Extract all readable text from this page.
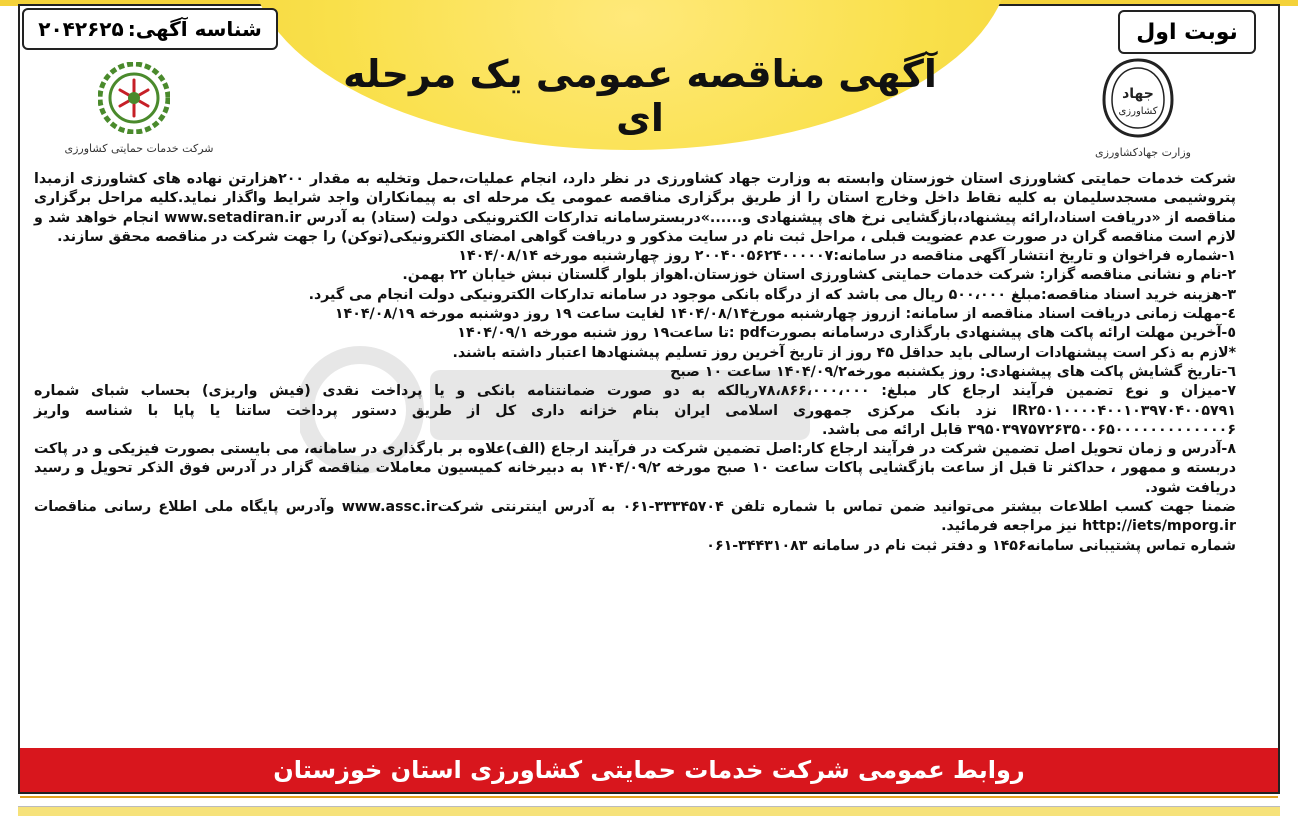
نوبت اول
شناسه آگهی:
۲۰۴۲۶۲۵
آگهی مناقصه عمومی یک مرحله ای
شرکت خدمات حمایتی کشاورزی
جهاد
کشاورزی
وزارت جهادکشاورزی

شرکت خدمات حمایتی کشاورزی استان خوزستان وابسته به وزارت جهاد کشاورزی در نظر دارد، انجام عملیات،حمل وتخلیه به مقدار ۲۰۰هزارتن نهاده های کشاورزی ازمبدا پتروشیمی مسجدسلیمان به کلیه نقاط داخل وخارج استان را از طریق برگزاری مناقصه عمومی یک مرحله ای به پیمانکاران واجد شرایط واگذار نماید.کلیه مراحل برگزاری مناقصه از «دریافت اسناد،ارائه پیشنهاد،بازگشایی نرخ های پیشنهادی و......»دربسترسامانه تدارکات الکترونیکی دولت (ستاد) به آدرس www.setadiran.ir انجام خواهد شد و لازم است مناقصه گران در صورت عدم عضویت قبلی ، مراحل ثبت نام در سایت مذکور و دریافت گواهی امضای الکترونیکی(توکن) را جهت شرکت در مناقصه محقق سازند.

۱-شماره فراخوان و تاریخ انتشار آگهی مناقصه در سامانه:۲۰۰۴۰۰۵۶۲۴۰۰۰۰۰۷ روز چهارشنبه مورخه ۱۴۰۴/۰۸/۱۴

۲-نام و نشانی مناقصه گزار: شرکت خدمات حمایتی کشاورزی استان خوزستان.اهواز بلوار گلستان نبش خیابان ۲۲ بهمن.

۳-هزینه خرید اسناد مناقصه:مبلغ ۵۰۰،۰۰۰ ریال می باشد که از درگاه بانکی موجود در سامانه تدارکات الکترونیکی دولت انجام می گیرد.

٤-مهلت زمانی دریافت اسناد مناقصه از سامانه: ازروز چهارشنبه مورخ۱۴۰۴/۰۸/۱۴ لغایت ساعت ۱۹ روز دوشنبه مورخه ۱۴۰۴/۰۸/۱۹

٥-آخرین مهلت ارائه پاکت های پیشنهادی بارگذاری درسامانه بصورتpdf :تا ساعت۱۹ روز شنبه مورخه ۱۴۰۴/۰۹/۱

*لازم به ذکر است پیشنهادات ارسالی باید حداقل ۴۵ روز از تاریخ آخرین روز تسلیم پیشنهادها اعتبار داشته باشند.

٦-تاریخ گشایش پاکت های پیشنهادی: روز یکشنبه مورخه۱۴۰۴/۰۹/۲ ساعت ۱۰ صبح

۷-میزان و نوع تضمین فرآیند ارجاع کار مبلغ: ۷۸،۸۶۶،۰۰۰،۰۰۰ریالکه به دو صورت ضمانتنامه بانکی و یا پرداخت نقدی (فیش واریزی) بحساب شبای شماره IR۲۵۰۱۰۰۰۰۴۰۰۱۰۳۹۷۰۴۰۰۵۷۹۱ نزد بانک مرکزی جمهوری اسلامی ایران بنام خزانه داری کل از طریق دستور پرداخت ساتنا یا پایا با شناسه واریز ۳۹۵۰۳۹۷۵۷۲۶۳۵۰۰۶۵۰۰۰۰۰۰۰۰۰۰۰۰۰۶ قابل ارائه می باشد.

۸-آدرس و زمان تحویل اصل تضمین شرکت در فرآیند ارجاع کار:اصل تضمین شرکت در فرآیند ارجاع (الف)علاوه بر بارگذاری در سامانه، می بایستی بصورت فیزیکی و در پاکت دربسته و ممهور ، حداکثر تا قبل از ساعت بازگشایی پاکات ساعت ۱۰ صبح مورخه ۱۴۰۴/۰۹/۲ به دبیرخانه کمیسیون معاملات مناقصه گزار در آدرس فوق الذکر تحویل و رسید دریافت شود.

ضمنا جهت کسب اطلاعات بیشتر می‌توانید ضمن تماس با شماره تلفن ۳۳۳۴۵۷۰۴-۰۶۱ به آدرس اینترنتی شرکتwww.assc.ir وآدرس پایگاه ملی اطلاع رسانی مناقصات http://iets/mporg.ir نیز مراجعه فرمائید.

شماره تماس پشتیبانی سامانه۱۴۵۶ و دفتر ثبت نام در سامانه ۳۴۴۳۱۰۸۳-۰۶۱

روابط عمومی شرکت خدمات حمایتی کشاورزی استان خوزستان
